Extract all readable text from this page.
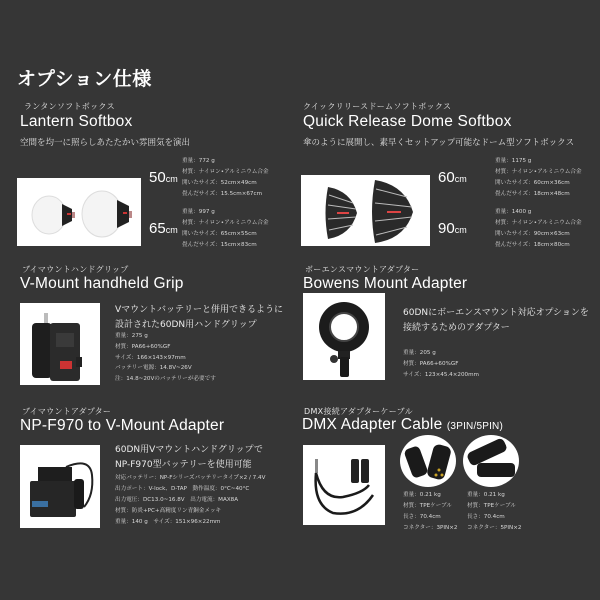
オプション仕様
ランタンソフトボックス
Lantern Softbox
空間を均一に照らしあたたかい雰囲気を演出
50cm
重量：772 g
材質：ナイロン•アルミニウム合金
開いたサイズ：52cm×49cm
畳んだサイズ：15.5cm×67cm
65cm
重量：997 g
材質：ナイロン•アルミニウム合金
開いたサイズ：65cm×55cm
畳んだサイズ：15cm×83cm
クイックリリースドームソフトボックス
Quick Release Dome Softbox
傘のように展開し、素早くセットアップ可能なドーム型ソフトボックス
60cm
重量：1175 g
材質：ナイロン•アルミニウム合金
開いたサイズ：60cm×36cm
畳んだサイズ：18cm×48cm
90cm
重量：1400 g
材質：ナイロン•アルミニウム合金
開いたサイズ：90cm×63cm
畳んだサイズ：18cm×80cm
ブイマウントハンドグリップ
V-Mount handheld Grip
Vマウントバッテリーと併用できるように
設計された60DN用ハンドグリップ
重量：275 g
材質：PA66+60%GF
サイズ：166×143×97mm
バッテリー電源：14.8V~26V
注：14.8~20Vのバッテリーが必要です
ボーエンスマウントアダプター
Bowens Mount Adapter
60DNにボーエンスマウント対応オプションを
接続するためのアダプター
重量：205 g
材質：PA66+60%GF
サイズ：123×45.4×200mm
ブイマウントアダプター
NP-F970 to V-Mount Adapter
60DN用Vマウントハンドグリップで
NP-F970型バッテリーを使用可能
対応バッテリー：NP-Fシリーズバッテリータイプ×2 / 7.4V
出力ポート：V-lock、D-TAP　動作温度：0°C~40°C
出力電圧：DC13.0~16.8V　出力電流：MAX8A
材質：防炎+PC+高精度リン青銅金メッキ
重量：140 g　サイズ：151×96×22mm
DMX接続アダプターケーブル
DMX Adapter Cable (3PIN/5PIN)
重量：0.21 kg
材質：TPEケーブル
長さ：70.4cm
コネクター：3PIN×2
重量：0.21 kg
材質：TPEケーブル
長さ：70.4cm
コネクター：5PIN×2
